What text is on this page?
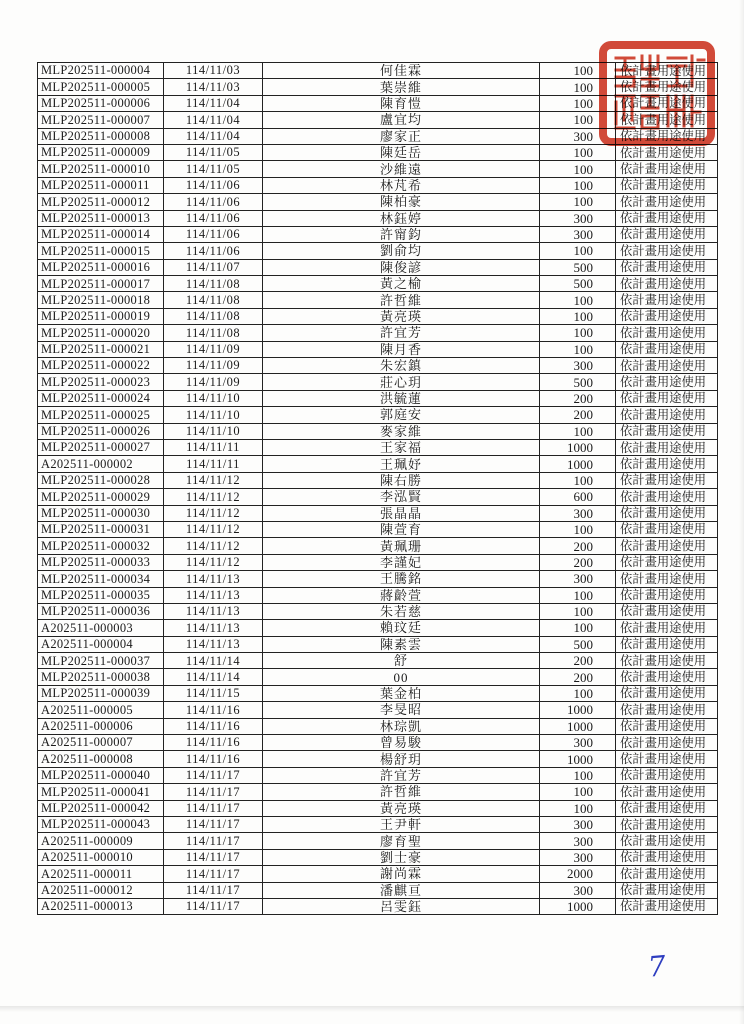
MLP202511-000004	114/11/03	何佳霖	100	依計畫用途使用
MLP202511-000005	114/11/03	葉崇維	100	依計畫用途使用
MLP202511-000006	114/11/04	陳育愷	100	依計畫用途使用
MLP202511-000007	114/11/04	盧宜均	100	依計畫用途使用
MLP202511-000008	114/11/04	廖家正	300	依計畫用途使用
MLP202511-000009	114/11/05	陳廷岳	100	依計畫用途使用
MLP202511-000010	114/11/05	沙維遠	100	依計畫用途使用
MLP202511-000011	114/11/06	林芃希	100	依計畫用途使用
MLP202511-000012	114/11/06	陳柏豪	100	依計畫用途使用
MLP202511-000013	114/11/06	林鈺婷	300	依計畫用途使用
MLP202511-000014	114/11/06	許甯鈞	300	依計畫用途使用
MLP202511-000015	114/11/06	劉俞均	100	依計畫用途使用
MLP202511-000016	114/11/07	陳俊諺	500	依計畫用途使用
MLP202511-000017	114/11/08	黃之榆	500	依計畫用途使用
MLP202511-000018	114/11/08	許哲維	100	依計畫用途使用
MLP202511-000019	114/11/08	黃亮瑛	100	依計畫用途使用
MLP202511-000020	114/11/08	許宜芳	100	依計畫用途使用
MLP202511-000021	114/11/09	陳月香	100	依計畫用途使用
MLP202511-000022	114/11/09	朱宏鎮	300	依計畫用途使用
MLP202511-000023	114/11/09	莊心玥	500	依計畫用途使用
MLP202511-000024	114/11/10	洪毓蓮	200	依計畫用途使用
MLP202511-000025	114/11/10	郭庭安	200	依計畫用途使用
MLP202511-000026	114/11/10	麥家維	100	依計畫用途使用
MLP202511-000027	114/11/11	王家福	1000	依計畫用途使用
A202511-000002	114/11/11	王珮妤	1000	依計畫用途使用
MLP202511-000028	114/11/12	陳右勝	100	依計畫用途使用
MLP202511-000029	114/11/12	李泓賢	600	依計畫用途使用
MLP202511-000030	114/11/12	張晶晶	300	依計畫用途使用
MLP202511-000031	114/11/12	陳萱育	100	依計畫用途使用
MLP202511-000032	114/11/12	黃珮珊	200	依計畫用途使用
MLP202511-000033	114/11/12	李謹妃	200	依計畫用途使用
MLP202511-000034	114/11/13	王騰銘	300	依計畫用途使用
MLP202511-000035	114/11/13	蔣齡萱	100	依計畫用途使用
MLP202511-000036	114/11/13	朱若慈	100	依計畫用途使用
A202511-000003	114/11/13	賴玟廷	100	依計畫用途使用
A202511-000004	114/11/13	陳素雲	500	依計畫用途使用
MLP202511-000037	114/11/14	舒	200	依計畫用途使用
MLP202511-000038	114/11/14	00	200	依計畫用途使用
MLP202511-000039	114/11/15	葉金柏	100	依計畫用途使用
A202511-000005	114/11/16	李旻昭	1000	依計畫用途使用
A202511-000006	114/11/16	林琮凱	1000	依計畫用途使用
A202511-000007	114/11/16	曾易駿	300	依計畫用途使用
A202511-000008	114/11/16	楊舒玥	1000	依計畫用途使用
MLP202511-000040	114/11/17	許宜芳	100	依計畫用途使用
MLP202511-000041	114/11/17	許哲維	100	依計畫用途使用
MLP202511-000042	114/11/17	黃亮瑛	100	依計畫用途使用
MLP202511-000043	114/11/17	王尹軒	300	依計畫用途使用
A202511-000009	114/11/17	廖育聖	300	依計畫用途使用
A202511-000010	114/11/17	劉士豪	300	依計畫用途使用
A202511-000011	114/11/17	謝尚霖	2000	依計畫用途使用
A202511-000012	114/11/17	潘麒亘	300	依計畫用途使用
A202511-000013	114/11/17	呂雯鈺	1000	依計畫用途使用
7
